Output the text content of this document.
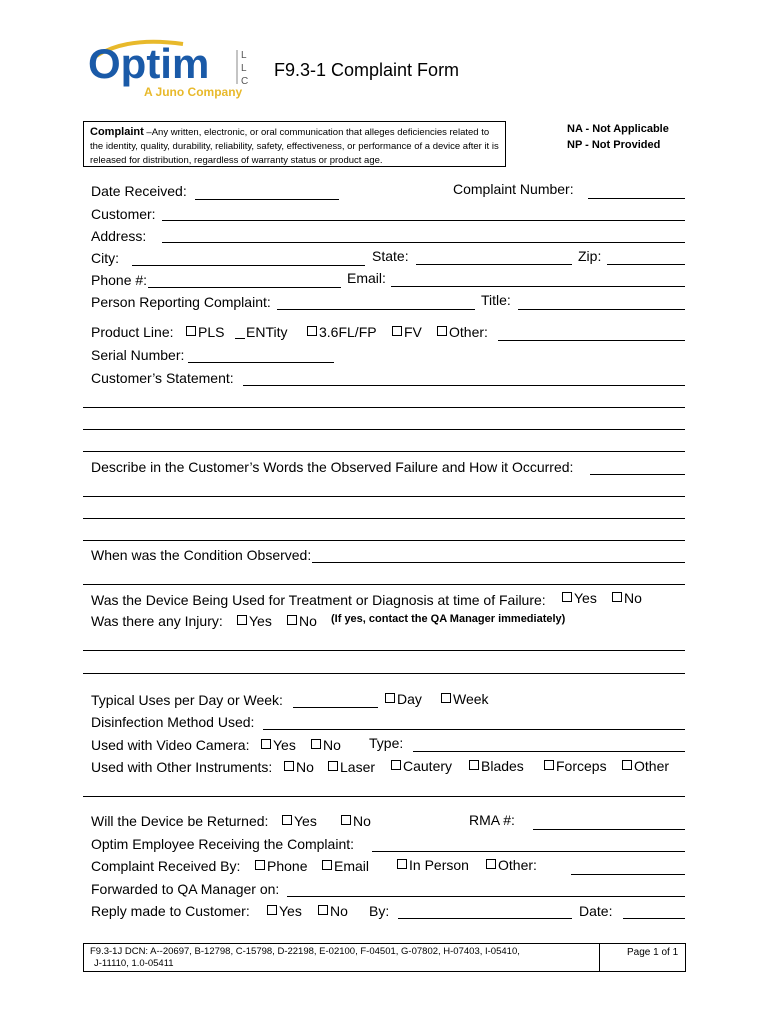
Optim	L
L
C
A Juno Company
F9.3-1 Complaint Form
Complaint –Any written, electronic, or oral communication that alleges deficiencies related to the identity, quality, durability, reliability, safety, effectiveness, or performance of a device after it is released for distribution, regardless of warranty status or product age.
NA - Not Applicable
NP - Not Provided
Date Received:	Complaint Number:
Customer:
Address:
City:	State:	Zip:
Phone #:	Email:
Person Reporting Complaint:	Title:
Product Line:	PLS ENTity	3.6FL/FP	FV	Other:
Serial Number:
Customer’s Statement:
Describe in the Customer’s Words the Observed Failure and How it Occurred:
When was the Condition Observed:
Was the Device Being Used for Treatment or Diagnosis at time of Failure:	Yes	No
Was there any Injury:	Yes	No (If yes, contact the QA Manager immediately)
Typical Uses per Day or Week:	Day	Week
Disinfection Method Used:
Used with Video Camera:	Yes	No Type:
Used with Other Instruments:	No	Laser	Cautery	Blades	Forceps	Other
Will the Device be Returned:	Yes	No	RMA #:
Optim Employee Receiving the Complaint:
Complaint Received By:	Phone	Email	In Person	Other:
Forwarded to QA Manager on:
Reply made to Customer:	Yes	No By:	Date:
F9.3-1J DCN: A--20697, B-12798, C-15798, D-22198, E-02100, F-04501, G-07802, H-07403, I-05410,
J-11110, 1.0-05411
Page 1 of 1
